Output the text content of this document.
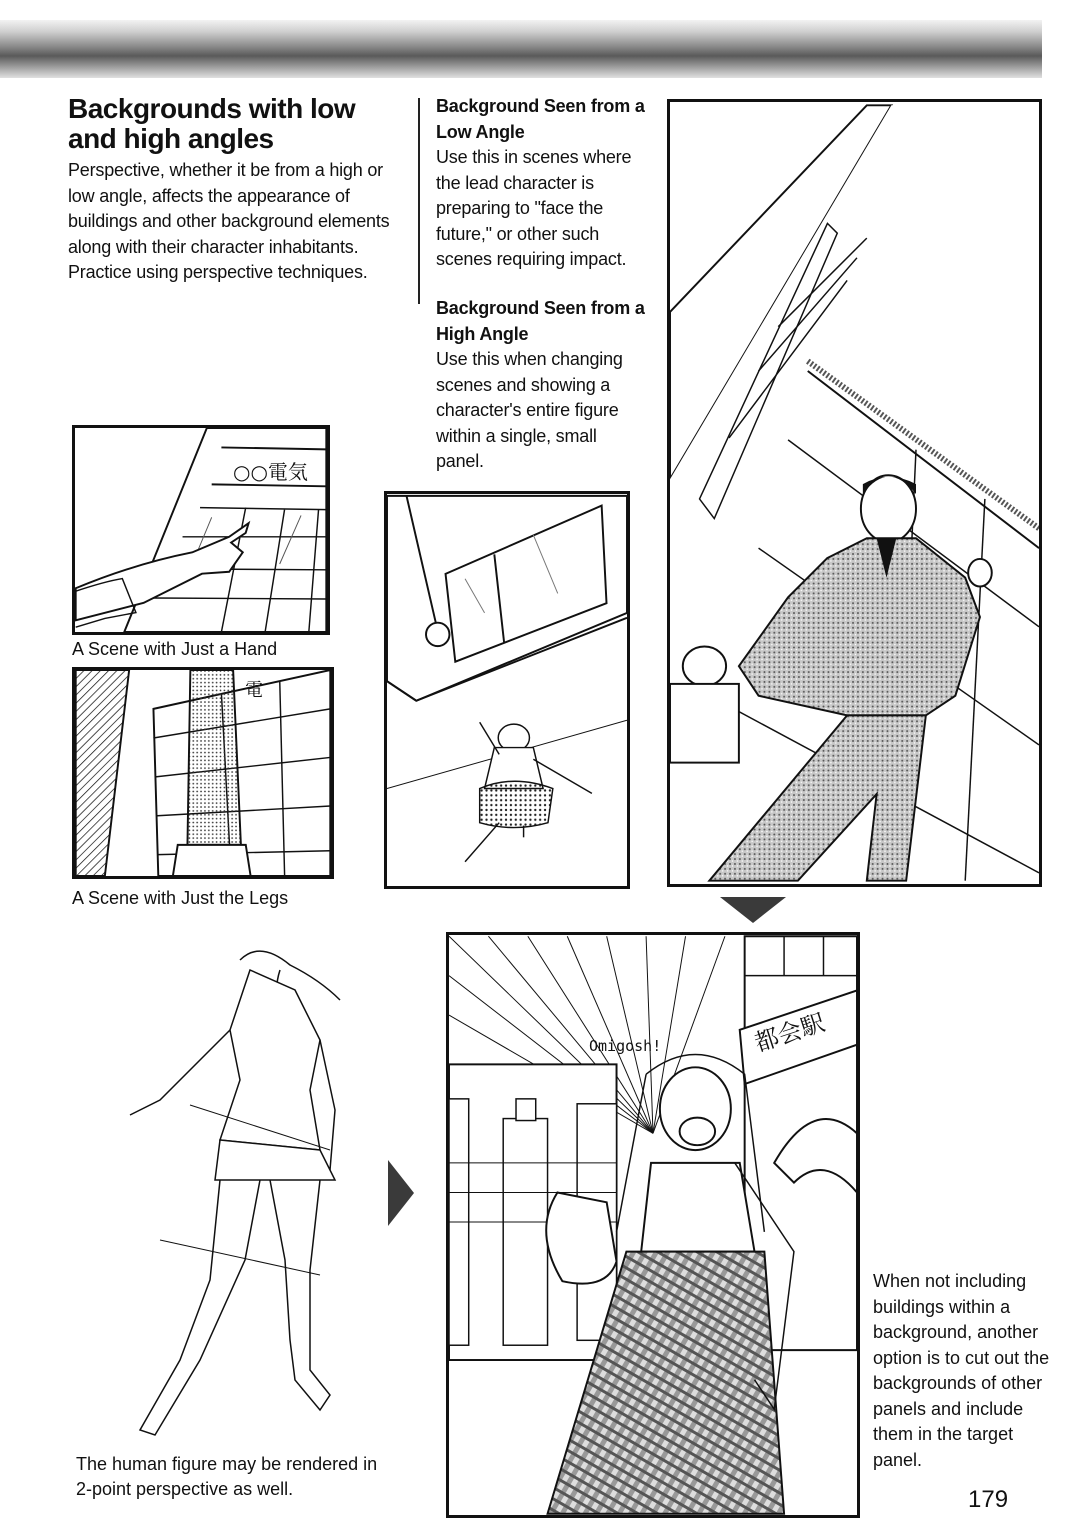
Backgrounds with low and high angles
Perspective, whether it be from a high or low angle, affects the appearance of buildings and other background elements along with their character inhabitants. Practice using perspective techniques.
Background Seen from a Low Angle
Use this in scenes where the lead character is preparing to "face the future," or other such scenes requiring impact.
Background Seen from a High Angle
Use this when changing scenes and showing a character's entire figure within a single, small panel.
○○電気
A Scene with Just a Hand
電
A Scene with Just the Legs
The human figure may be rendered in 2-point perspective as well.
Omigosh!	都会駅
When not including buildings within a background, another option is to cut out the backgrounds of other panels and include them in the target panel.
179
